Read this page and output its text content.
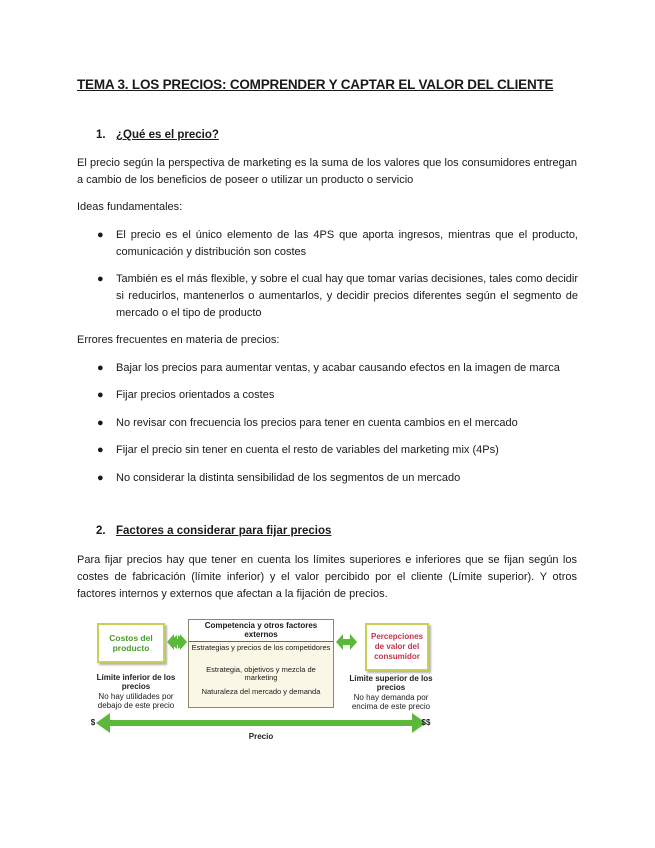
TEMA 3. LOS PRECIOS: COMPRENDER Y CAPTAR EL VALOR DEL CLIENTE
1. ¿Qué es el precio?

El precio según la perspectiva de marketing es la suma de los valores que los consumidores entregan a cambio de los beneficios de poseer o utilizar un producto o servicio

Ideas fundamentales:

● El precio es el único elemento de las 4PS que aporta ingresos, mientras que el producto, comunicación y distribución son costes
● También es el más flexible, y sobre el cual hay que tomar varias decisiones, tales como decidir si reducirlos, mantenerlos o aumentarlos, y decidir precios diferentes según el segmento de mercado o el tipo de producto

Errores frecuentes en materia de precios:

● Bajar los precios para aumentar ventas, y acabar causando efectos en la imagen de marca
● Fijar precios orientados a costes
● No revisar con frecuencia los precios para tener en cuenta cambios en el mercado
● Fijar el precio sin tener en cuenta el resto de variables del marketing mix (4Ps)
● No considerar la distinta sensibilidad de los segmentos de un mercado
2. Factores a considerar para fijar precios

Para fijar precios hay que tener en cuenta los límites superiores e inferiores que se fijan según los costes de fabricación (límite inferior) y el valor percibido por el cliente (Límite superior). Y otros factores internos y externos que afectan a la fijación de precios.

Costos del producto
Límite inferior de los precios
No hay utilidades por debajo de este precio
Competencia y otros factores externos
Estrategias y precios de los competidores
Estrategia, objetivos y mezcla de marketing
Naturaleza del mercado y demanda
Percepciones de valor del consumidor
Límite superior de los precios
No hay demanda por encima de este precio
$	$$
Precio
